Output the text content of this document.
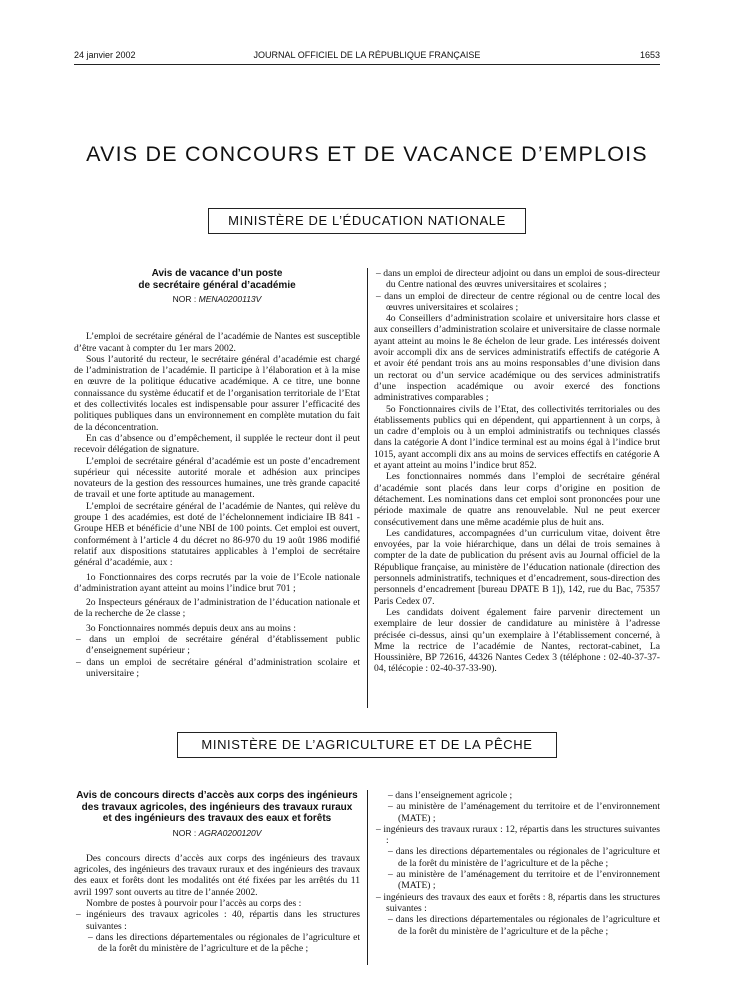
24 janvier 2002	JOURNAL OFFICIEL DE LA RÉPUBLIQUE FRANÇAISE	1653
AVIS DE CONCOURS ET DE VACANCE D’EMPLOIS
MINISTÈRE DE L’ÉDUCATION NATIONALE

Avis de vacance d’un poste

de secrétaire général d’académie

NOR : MENA0200113V

L’emploi de secrétaire général de l’académie de Nantes est susceptible d’être vacant à compter du 1er mars 2002.

Sous l’autorité du recteur, le secrétaire général d’académie est chargé de l’administration de l’académie. Il participe à l’élaboration et à la mise en œuvre de la politique éducative académique. A ce titre, une bonne connaissance du système éducatif et de l’organisation territoriale de l’Etat et des collectivités locales est indispensable pour assurer l’efficacité des politiques publiques dans un environnement en complète mutation du fait de la déconcentration.

En cas d’absence ou d’empêchement, il supplée le recteur dont il peut recevoir délégation de signature.

L’emploi de secrétaire général d’académie est un poste d’encadrement supérieur qui nécessite autorité morale et adhésion aux principes novateurs de la gestion des ressources humaines, une très grande capacité de travail et une forte aptitude au management.

L’emploi de secrétaire général de l’académie de Nantes, qui relève du groupe 1 des académies, est doté de l’échelonnement indiciaire IB 841 - Groupe HEB et bénéficie d’une NBI de 100 points. Cet emploi est ouvert, conformément à l’article 4 du décret no 86-970 du 19 août 1986 modifié relatif aux dispositions statutaires applicables à l’emploi de secrétaire général d’académie, aux :

1o Fonctionnaires des corps recrutés par la voie de l’Ecole nationale d’administration ayant atteint au moins l’indice brut 701 ;

2o Inspecteurs généraux de l’administration de l’éducation nationale et de la recherche de 2e classe ;

3o Fonctionnaires nommés depuis deux ans au moins :

– dans un emploi de secrétaire général d’établissement public d’enseignement supérieur ;

– dans un emploi de secrétaire général d’administration scolaire et universitaire ;

– dans un emploi de directeur adjoint ou dans un emploi de sous-directeur du Centre national des œuvres universitaires et scolaires ;

– dans un emploi de directeur de centre régional ou de centre local des œuvres universitaires et scolaires ;

4o Conseillers d’administration scolaire et universitaire hors classe et aux conseillers d’administration scolaire et universitaire de classe normale ayant atteint au moins le 8e échelon de leur grade. Les intéressés doivent avoir accompli dix ans de services administratifs effectifs de catégorie A et avoir été pendant trois ans au moins responsables d’une division dans un rectorat ou d’un service académique ou des services administratifs d’une inspection académique ou avoir exercé des fonctions administratives comparables ;

5o Fonctionnaires civils de l’Etat, des collectivités territoriales ou des établissements publics qui en dépendent, qui appartiennent à un corps, à un cadre d’emplois ou à un emploi administratifs ou techniques classés dans la catégorie A dont l’indice terminal est au moins égal à l’indice brut 1015, ayant accompli dix ans au moins de services effectifs en catégorie A et ayant atteint au moins l’indice brut 852.

Les fonctionnaires nommés dans l’emploi de secrétaire général d’académie sont placés dans leur corps d’origine en position de détachement. Les nominations dans cet emploi sont prononcées pour une période maximale de quatre ans renouvelable. Nul ne peut exercer consécutivement dans une même académie plus de huit ans.

Les candidatures, accompagnées d’un curriculum vitae, doivent être envoyées, par la voie hiérarchique, dans un délai de trois semaines à compter de la date de publication du présent avis au Journal officiel de la République française, au ministère de l’éducation nationale (direction des personnels administratifs, techniques et d’encadrement, sous-direction des personnels d’encadrement [bureau DPATE B 1]), 142, rue du Bac, 75357 Paris Cedex 07.

Les candidats doivent également faire parvenir directement un exemplaire de leur dossier de candidature au ministère à l’adresse précisée ci-dessus, ainsi qu’un exemplaire à l’établissement concerné, à Mme la rectrice de l’académie de Nantes, rectorat-cabinet, La Houssinière, BP 72616, 44326 Nantes Cedex 3 (téléphone : 02-40-37-37-04, télécopie : 02-40-37-33-90).

MINISTÈRE DE L’AGRICULTURE ET DE LA PÊCHE

Avis de concours directs d’accès aux corps des ingénieurs

des travaux agricoles, des ingénieurs des travaux ruraux

et des ingénieurs des travaux des eaux et forêts

NOR : AGRA0200120V

Des concours directs d’accès aux corps des ingénieurs des travaux agricoles, des ingénieurs des travaux ruraux et des ingénieurs des travaux des eaux et forêts dont les modalités ont été fixées par les arrêtés du 11 avril 1997 sont ouverts au titre de l’année 2002.

Nombre de postes à pourvoir pour l’accès au corps des :

– ingénieurs des travaux agricoles : 40, répartis dans les structures suivantes :

– dans les directions départementales ou régionales de l’agriculture et de la forêt du ministère de l’agriculture et de la pêche ;

– dans l’enseignement agricole ;

– au ministère de l’aménagement du territoire et de l’environnement (MATE) ;

– ingénieurs des travaux ruraux : 12, répartis dans les structures suivantes :

– dans les directions départementales ou régionales de l’agriculture et de la forêt du ministère de l’agriculture et de la pêche ;

– au ministère de l’aménagement du territoire et de l’environnement (MATE) ;

– ingénieurs des travaux des eaux et forêts : 8, répartis dans les structures suivantes :

– dans les directions départementales ou régionales de l’agriculture et de la forêt du ministère de l’agriculture et de la pêche ;
